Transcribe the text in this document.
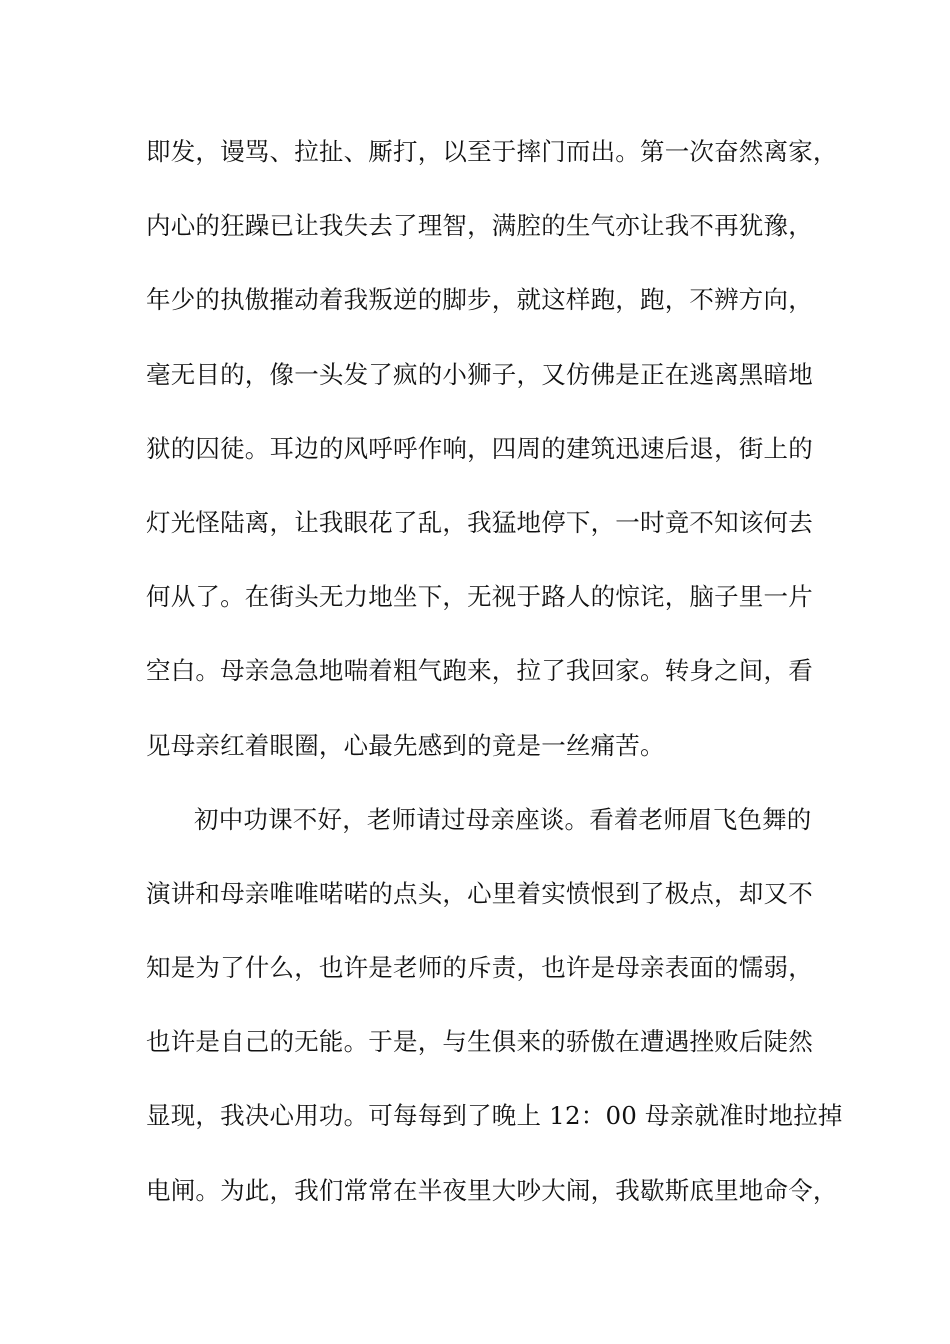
即发，谩骂、拉扯、厮打，以至于摔门而出。第一次奋然离家，
内心的狂躁已让我失去了理智，满腔的生气亦让我不再犹豫，
年少的执傲摧动着我叛逆的脚步，就这样跑，跑，不辨方向，
毫无目的，像一头发了疯的小狮子，又仿佛是正在逃离黑暗地
狱的囚徒。耳边的风呼呼作响，四周的建筑迅速后退，街上的
灯光怪陆离，让我眼花了乱，我猛地停下，一时竟不知该何去
何从了。在街头无力地坐下，无视于路人的惊诧，脑子里一片
空白。母亲急急地喘着粗气跑来，拉了我回家。转身之间，看
见母亲红着眼圈，心最先感到的竟是一丝痛苦。
初中功课不好，老师请过母亲座谈。看着老师眉飞色舞的
演讲和母亲唯唯喏喏的点头，心里着实愤恨到了极点，却又不
知是为了什么，也许是老师的斥责，也许是母亲表面的懦弱，
也许是自己的无能。于是，与生俱来的骄傲在遭遇挫败后陡然
显现，我决心用功。可每每到了晚上 12：00 母亲就准时地拉掉
电闸。为此，我们常常在半夜里大吵大闹，我歇斯底里地命令，
